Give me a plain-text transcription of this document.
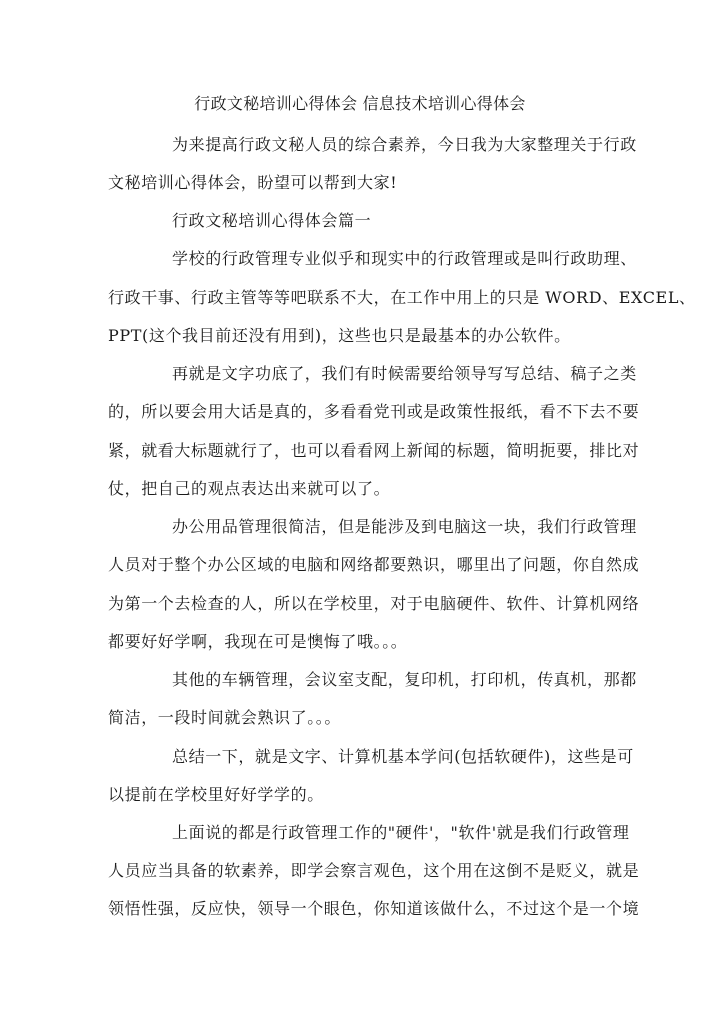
行政文秘培训心得体会 信息技术培训心得体会
为来提高行政文秘人员的综合素养，今日我为大家整理关于行政
文秘培训心得体会，盼望可以帮到大家!
行政文秘培训心得体会篇一
学校的行政管理专业似乎和现实中的行政管理或是叫行政助理、
行政干事、行政主管等等吧联系不大，在工作中用上的只是 WORD、EXCEL、
PPT(这个我目前还没有用到)，这些也只是最基本的办公软件。
再就是文字功底了，我们有时候需要给领导写写总结、稿子之类
的，所以要会用大话是真的，多看看党刊或是政策性报纸，看不下去不要
紧，就看大标题就行了，也可以看看网上新闻的标题，简明扼要，排比对
仗，把自己的观点表达出来就可以了。
办公用品管理很简洁，但是能涉及到电脑这一块，我们行政管理
人员对于整个办公区域的电脑和网络都要熟识，哪里出了问题，你自然成
为第一个去检查的人，所以在学校里，对于电脑硬件、软件、计算机网络
都要好好学啊，我现在可是懊悔了哦。。。
其他的车辆管理，会议室支配，复印机，打印机，传真机，那都
简洁，一段时间就会熟识了。。。
总结一下，就是文字、计算机基本学问(包括软硬件)，这些是可
以提前在学校里好好学学的。
上面说的都是行政管理工作的"硬件'，"软件'就是我们行政管理
人员应当具备的软素养，即学会察言观色，这个用在这倒不是贬义，就是
领悟性强，反应快，领导一个眼色，你知道该做什么，不过这个是一个境
